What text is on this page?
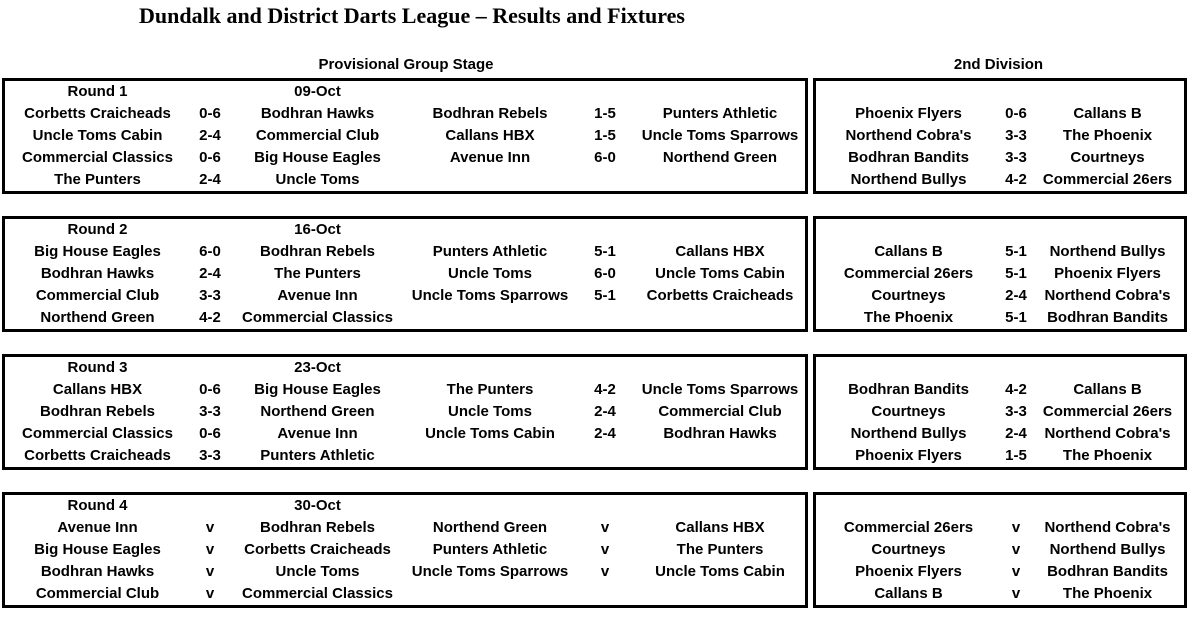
Dundalk and District Darts League – Results and Fixtures
Provisional Group Stage	2nd Division
Round 1	09-Oct
Corbetts Craicheads	0-6	Bodhran Hawks	Bodhran Rebels	1-5	Punters Athletic
Uncle Toms Cabin	2-4	Commercial Club	Callans HBX	1-5	Uncle Toms Sparrows
Commercial Classics	0-6	Big House Eagles	Avenue Inn	6-0	Northend Green
The Punters	2-4	Uncle Toms
Phoenix Flyers	0-6	Callans B
Northend Cobra's	3-3	The Phoenix
Bodhran Bandits	3-3	Courtneys
Northend Bullys	4-2	Commercial 26ers
Round 2	16-Oct
Big House Eagles	6-0	Bodhran Rebels	Punters Athletic	5-1	Callans HBX
Bodhran Hawks	2-4	The Punters	Uncle Toms	6-0	Uncle Toms Cabin
Commercial Club	3-3	Avenue Inn	Uncle Toms Sparrows	5-1	Corbetts Craicheads
Northend Green	4-2	Commercial Classics
Callans B	5-1	Northend Bullys
Commercial 26ers	5-1	Phoenix Flyers
Courtneys	2-4	Northend Cobra's
The Phoenix	5-1	Bodhran Bandits
Round 3	23-Oct
Callans HBX	0-6	Big House Eagles	The Punters	4-2	Uncle Toms Sparrows
Bodhran Rebels	3-3	Northend Green	Uncle Toms	2-4	Commercial Club
Commercial Classics	0-6	Avenue Inn	Uncle Toms Cabin	2-4	Bodhran Hawks
Corbetts Craicheads	3-3	Punters Athletic
Bodhran Bandits	4-2	Callans B
Courtneys	3-3	Commercial 26ers
Northend Bullys	2-4	Northend Cobra's
Phoenix Flyers	1-5	The Phoenix
Round 4	30-Oct
Avenue Inn	v	Bodhran Rebels	Northend Green	v	Callans HBX
Big House Eagles	v	Corbetts Craicheads	Punters Athletic	v	The Punters
Bodhran Hawks	v	Uncle Toms	Uncle Toms Sparrows	v	Uncle Toms Cabin
Commercial Club	v	Commercial Classics
Commercial 26ers	v	Northend Cobra's
Courtneys	v	Northend Bullys
Phoenix Flyers	v	Bodhran Bandits
Callans B	v	The Phoenix
